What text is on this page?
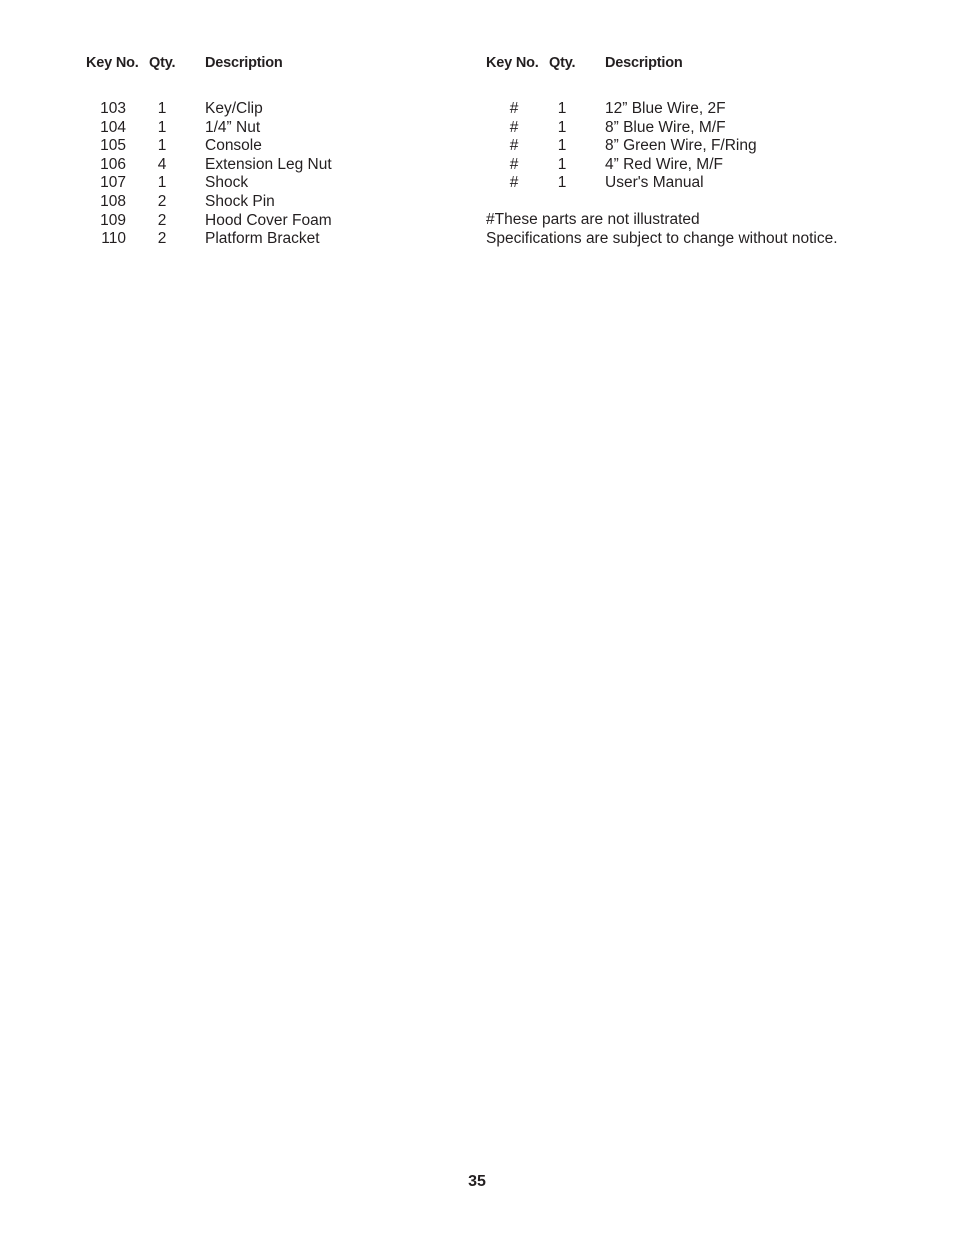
Key No. Qty. Description
103 1 Key/Clip
104 1 1/4” Nut
105 1 Console
106 4 Extension Leg Nut
107 1 Shock
108 2 Shock Pin
109 2 Hood Cover Foam
110 2 Platform Bracket
Key No. Qty. Description
#	1 12” Blue Wire, 2F
#	1 8” Blue Wire, M/F
#	1 8” Green Wire, F/Ring
#	1 4” Red Wire, M/F
#	1 User's Manual
#These parts are not illustrated
Specifications are subject to change without notice.
35
